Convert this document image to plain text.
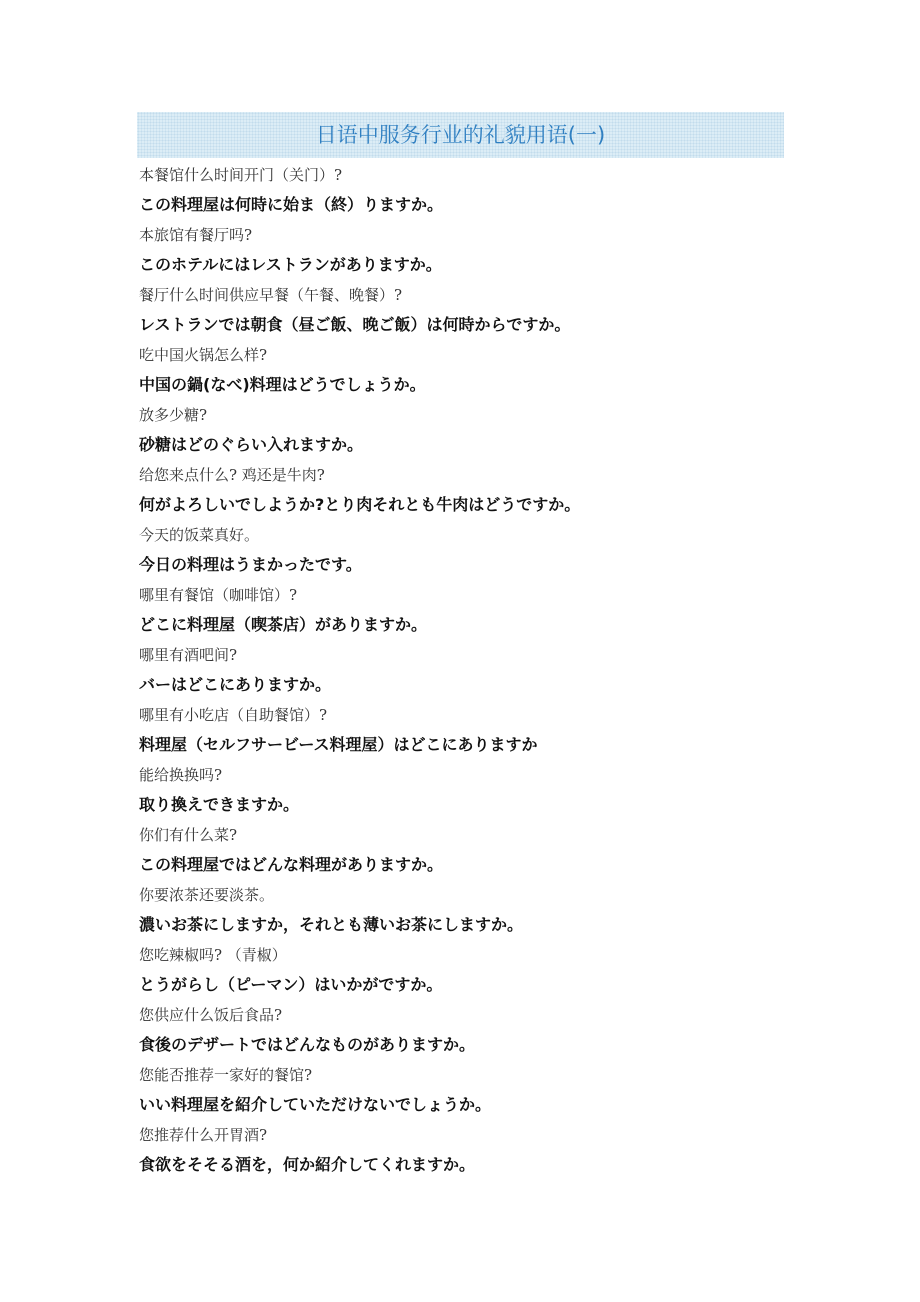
日语中服务行业的礼貌用语(一)
本餐馆什么时间开门（关门）?
この料理屋は何時に始ま（終）りますか。
本旅馆有餐厅吗?
このホテルにはレストランがありますか。
餐厅什么时间供应早餐（午餐、晚餐）?
レストランでは朝食（昼ご飯、晚ご飯）は何時からですか。
吃中国火锅怎么样?
中国の鍋(なべ)料理はどうでしょうか。
放多少糖?
砂糖はどのぐらい入れますか。
给您来点什么? 鸡还是牛肉?
何がよろしいでしようか?とり肉それとも牛肉はどうですか。
今天的饭菜真好。
今日の料理はうまかったです。
哪里有餐馆（咖啡馆）?
どこに料理屋（喫茶店）がありますか。
哪里有酒吧间?
バーはどこにありますか。
哪里有小吃店（自助餐馆）?
料理屋（セルフサービース料理屋）はどこにありますか
能给换换吗?
取り換えできますか。
你们有什么菜?
この料理屋ではどんな料理がありますか。
你要浓茶还要淡茶。
濃いお茶にしますか，それとも薄いお茶にしますか。
您吃辣椒吗? （青椒）
とうがらし（ピーマン）はいかがですか。
您供应什么饭后食品?
食後のデザートではどんなものがありますか。
您能否推荐一家好的餐馆?
いい料理屋を紹介していただけないでしょうか。
您推荐什么开胃酒?
食欲をそそる酒を，何か紹介してくれますか。
